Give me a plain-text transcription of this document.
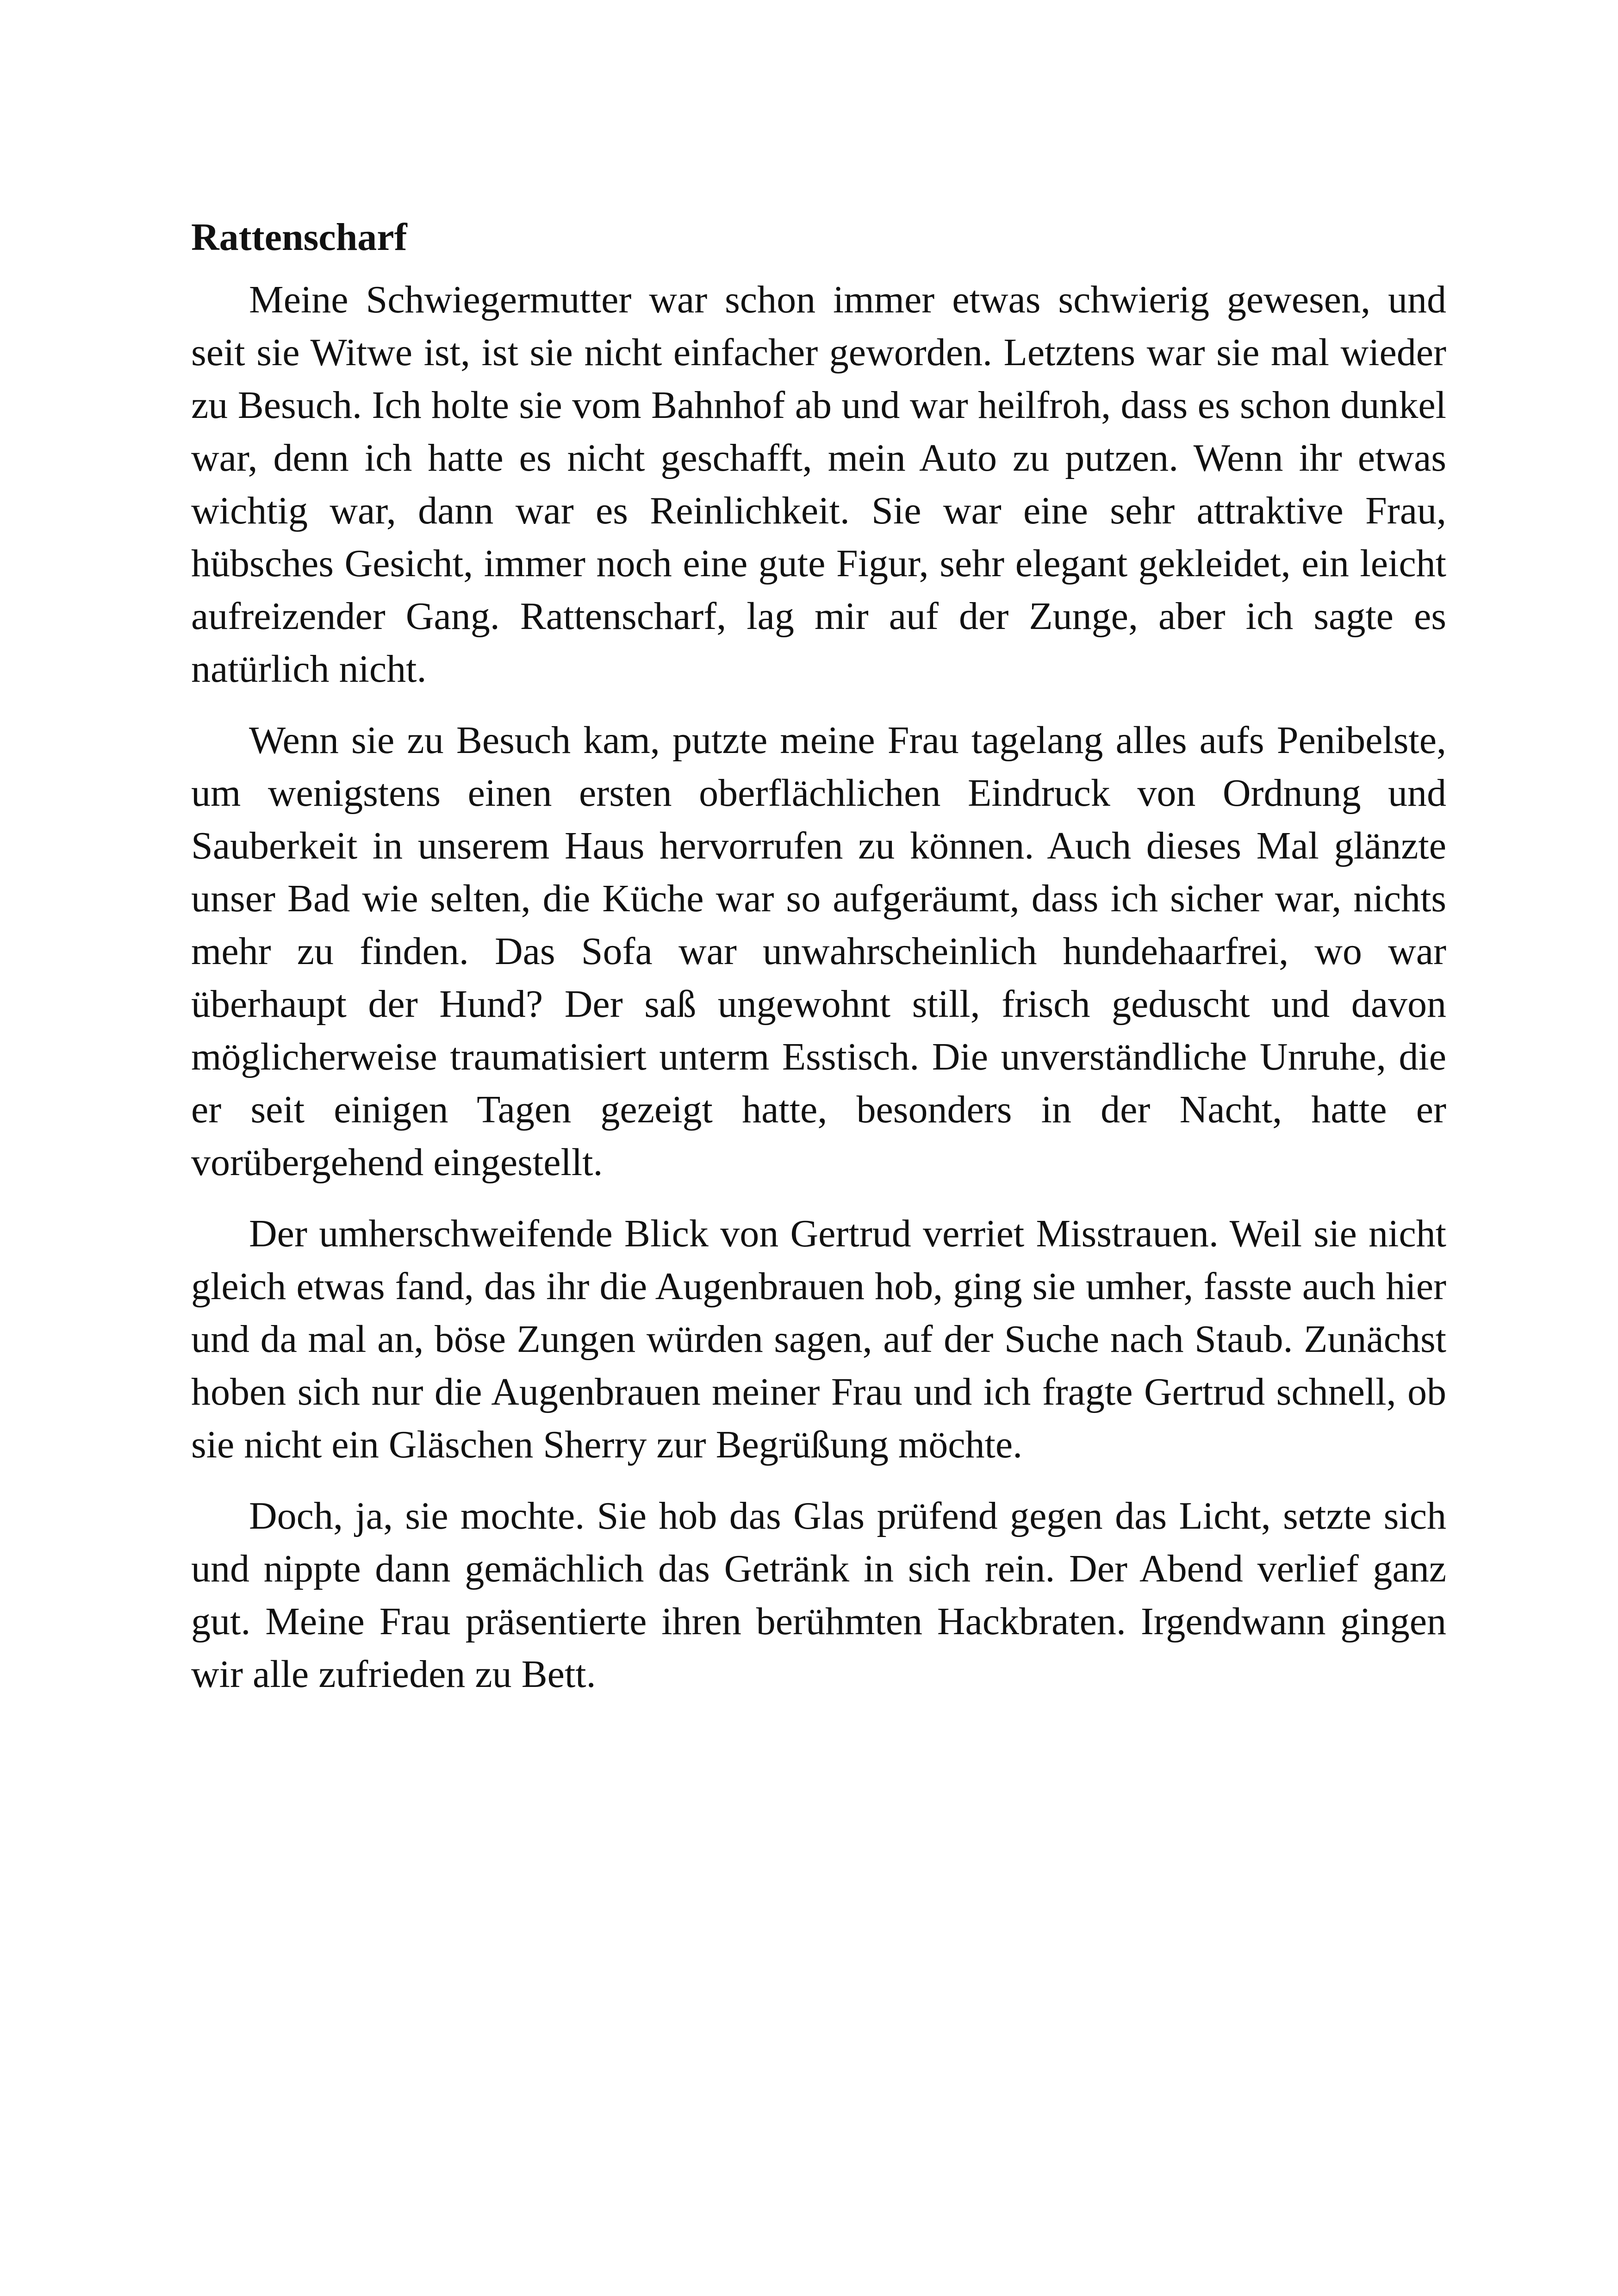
Rattenscharf

Meine Schwiegermutter war schon immer etwas schwierig gewesen, und seit sie Witwe ist, ist sie nicht einfacher geworden. Letztens war sie mal wieder zu Besuch. Ich holte sie vom Bahnhof ab und war heilfroh, dass es schon dunkel war, denn ich hatte es nicht geschafft, mein Auto zu putzen. Wenn ihr etwas wichtig war, dann war es Reinlichkeit. Sie war eine sehr attraktive Frau, hübsches Gesicht, immer noch eine gute Figur, sehr elegant gekleidet, ein leicht aufreizender Gang. Rattenscharf, lag mir auf der Zunge, aber ich sagte es natürlich nicht.

Wenn sie zu Besuch kam, putzte meine Frau tagelang alles aufs Penibelste, um wenigstens einen ersten oberflächlichen Eindruck von Ordnung und Sauberkeit in unserem Haus hervorrufen zu können. Auch dieses Mal glänzte unser Bad wie selten, die Küche war so aufgeräumt, dass ich sicher war, nichts mehr zu finden. Das Sofa war unwahrscheinlich hundehaarfrei, wo war überhaupt der Hund? Der saß ungewohnt still, frisch geduscht und davon möglicherweise traumatisiert unterm Esstisch. Die unverständliche Unruhe, die er seit einigen Tagen gezeigt hatte, besonders in der Nacht, hatte er vorübergehend eingestellt.

Der umherschweifende Blick von Gertrud verriet Misstrauen. Weil sie nicht gleich etwas fand, das ihr die Augenbrauen hob, ging sie umher, fasste auch hier und da mal an, böse Zungen würden sagen, auf der Suche nach Staub. Zunächst hoben sich nur die Augenbrauen meiner Frau und ich fragte Gertrud schnell, ob sie nicht ein Gläschen Sherry zur Begrüßung möchte.

Doch, ja, sie mochte. Sie hob das Glas prüfend gegen das Licht, setzte sich und nippte dann gemächlich das Getränk in sich rein. Der Abend verlief ganz gut. Meine Frau präsentierte ihren berühmten Hackbraten. Irgendwann gingen wir alle zufrieden zu Bett.
